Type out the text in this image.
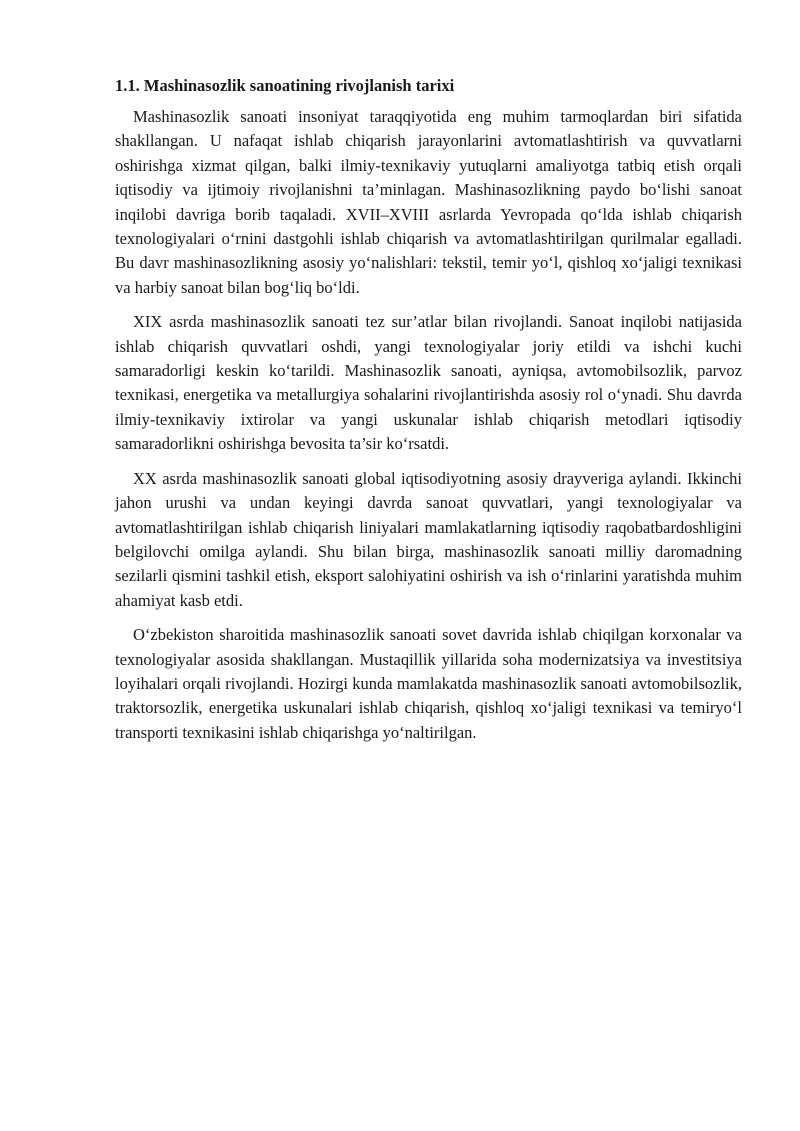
1.1. Mashinasozlik sanoatining rivojlanish tarixi

Mashinasozlik sanoati insoniyat taraqqiyotida eng muhim tarmoqlardan biri sifatida shakllangan. U nafaqat ishlab chiqarish jarayonlarini avtomatlashtirish va quvvatlarni oshirishga xizmat qilgan, balki ilmiy-texnikaviy yutuqlarni amaliyotga tatbiq etish orqali iqtisodiy va ijtimoiy rivojlanishni ta’minlagan. Mashinasozlikning paydo bo‘lishi sanoat inqilobi davriga borib taqaladi. XVII–XVIII asrlarda Yevropada qo‘lda ishlab chiqarish texnologiyalari o‘rnini dastgohli ishlab chiqarish va avtomatlashtirilgan qurilmalar egalladi. Bu davr mashinasozlikning asosiy yo‘nalishlari: tekstil, temir yo‘l, qishloq xo‘jaligi texnikasi va harbiy sanoat bilan bog‘liq bo‘ldi.

XIX asrda mashinasozlik sanoati tez sur’atlar bilan rivojlandi. Sanoat inqilobi natijasida ishlab chiqarish quvvatlari oshdi, yangi texnologiyalar joriy etildi va ishchi kuchi samaradorligi keskin ko‘tarildi. Mashinasozlik sanoati, ayniqsa, avtomobilsozlik, parvoz texnikasi, energetika va metallurgiya sohalarini rivojlantirishda asosiy rol o‘ynadi. Shu davrda ilmiy-texnikaviy ixtirolar va yangi uskunalar ishlab chiqarish metodlari iqtisodiy samaradorlikni oshirishga bevosita ta’sir ko‘rsatdi.

XX asrda mashinasozlik sanoati global iqtisodiyotning asosiy drayveriga aylandi. Ikkinchi jahon urushi va undan keyingi davrda sanoat quvvatlari, yangi texnologiyalar va avtomatlashtirilgan ishlab chiqarish liniyalari mamlakatlarning iqtisodiy raqobatbardoshligini belgilovchi omilga aylandi. Shu bilan birga, mashinasozlik sanoati milliy daromadning sezilarli qismini tashkil etish, eksport salohiyatini oshirish va ish o‘rinlarini yaratishda muhim ahamiyat kasb etdi.

O‘zbekiston sharoitida mashinasozlik sanoati sovet davrida ishlab chiqilgan korxonalar va texnologiyalar asosida shakllangan. Mustaqillik yillarida soha modernizatsiya va investitsiya loyihalari orqali rivojlandi. Hozirgi kunda mamlakatda mashinasozlik sanoati avtomobilsozlik, traktorsozlik, energetika uskunalari ishlab chiqarish, qishloq xo‘jaligi texnikasi va temiryo‘l transporti texnikasini ishlab chiqarishga yo‘naltirilgan.
